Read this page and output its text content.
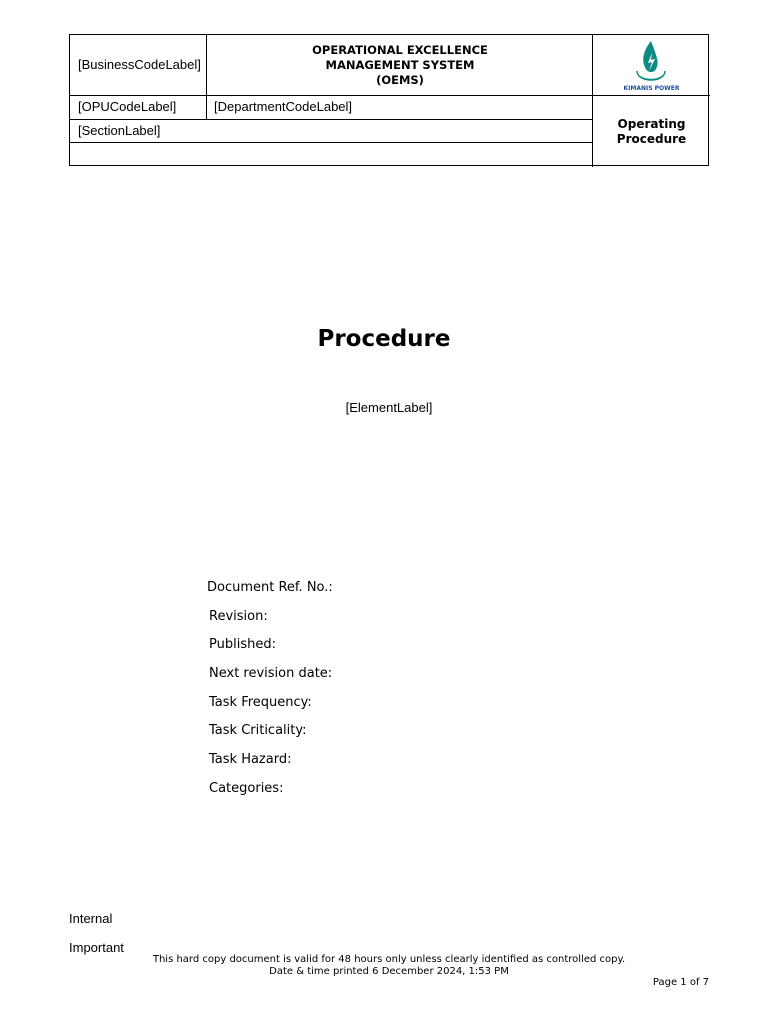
[BusinessCodeLabel]
OPERATIONAL EXCELLENCE
MANAGEMENT SYSTEM
(OEMS)
KIMANIS POWER
[OPUCodeLabel]	[DepartmentCodeLabel]
[SectionLabel]	Operating
Procedure
Procedure
[ElementLabel]
Document Ref. No.:
Revision:
Published:
Next revision date:
Task Frequency:
Task Criticality:
Task Hazard:
Categories:
Internal
Important
This hard copy document is valid for 48 hours only unless clearly identified as controlled copy.
Date & time printed 6 December 2024, 1:53 PM
Page 1 of 7
